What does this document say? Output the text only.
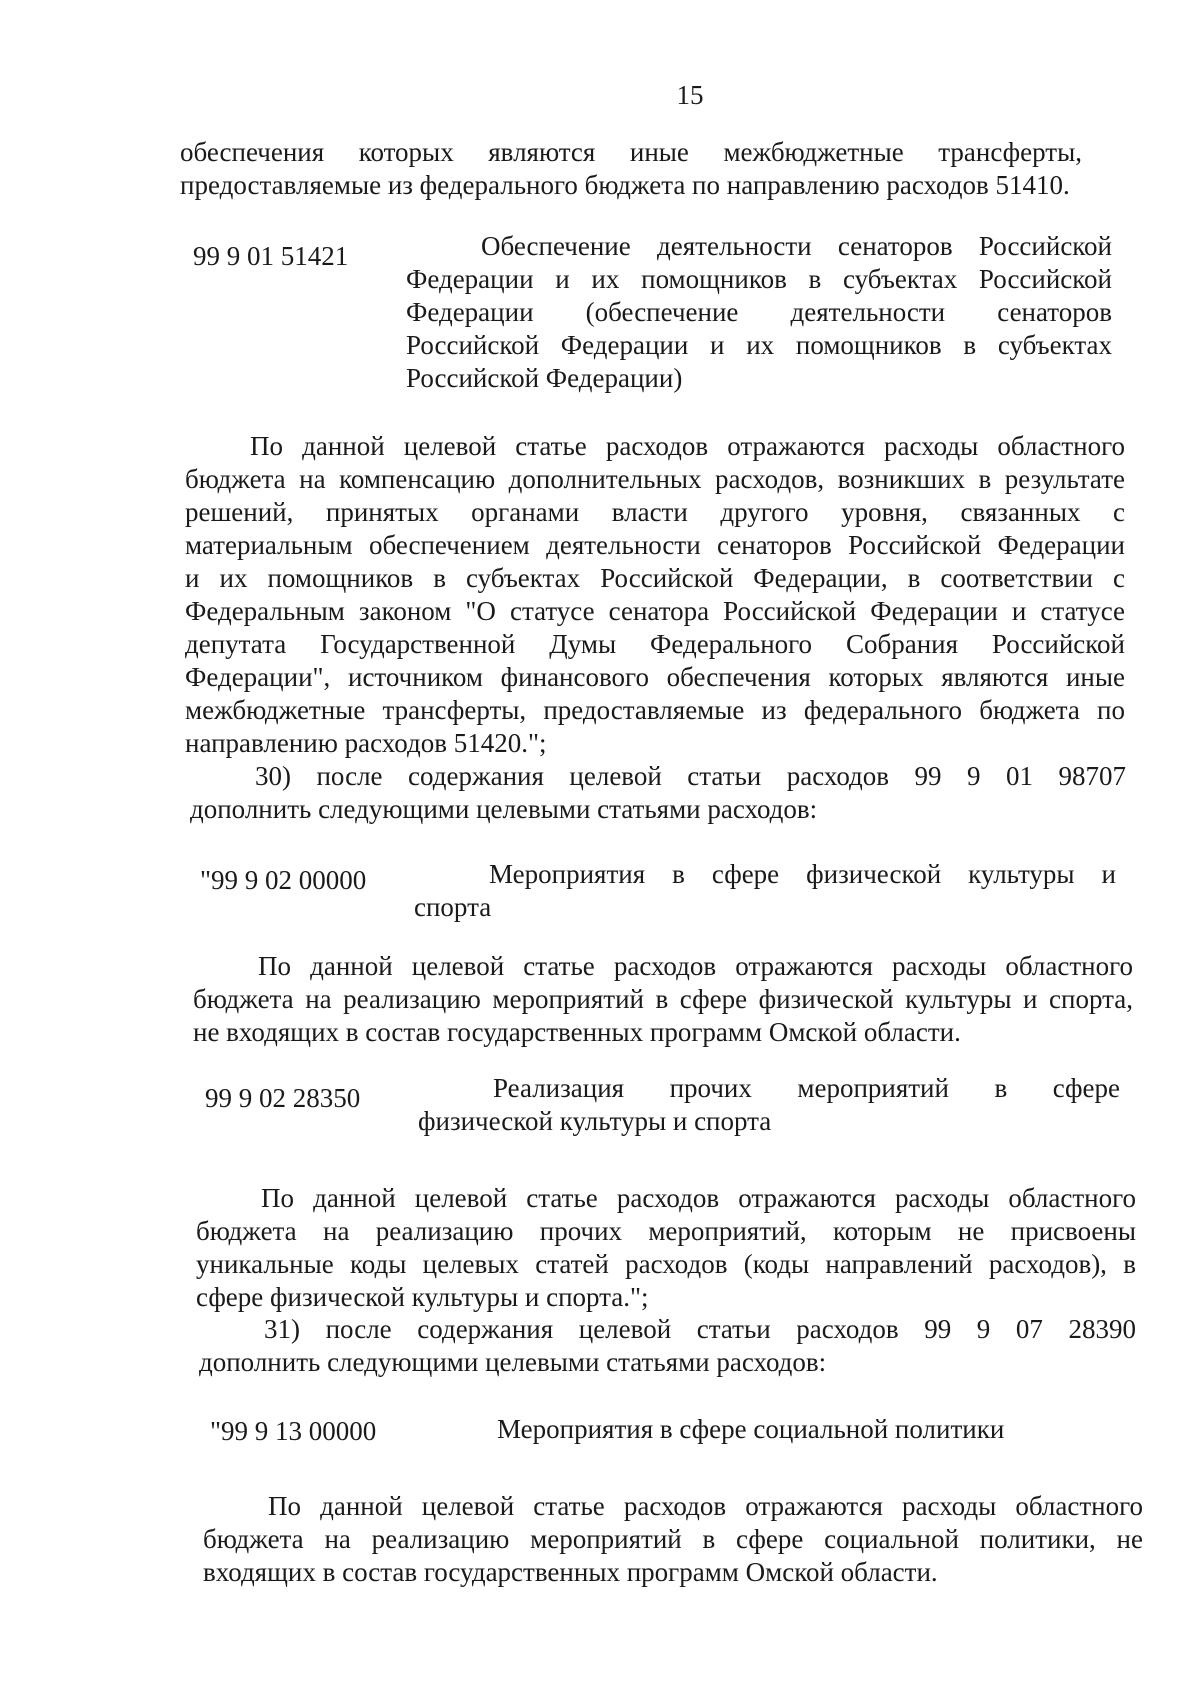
15
обеспечения которых являются иные межбюджетные трансферты,
предоставляемые из федерального бюджета по направлению расходов 51410.
99 9 01 51421	Обеспечение деятельности сенаторов Российской
Федерации и их помощников в субъектах Российской
Федерации (обеспечение деятельности сенаторов
Российской Федерации и их помощников в субъектах
Российской Федерации)
По данной целевой статье расходов отражаются расходы областного
бюджета на компенсацию дополнительных расходов, возникших в результате
решений, принятых органами власти другого уровня, связанных с
материальным обеспечением деятельности сенаторов Российской Федерации
и их помощников в субъектах Российской Федерации, в соответствии с
Федеральным законом "О статусе сенатора Российской Федерации и статусе
депутата Государственной Думы Федерального Собрания Российской
Федерации", источником финансового обеспечения которых являются иные
межбюджетные трансферты, предоставляемые из федерального бюджета по
направлению расходов 51420.";
30) после содержания целевой статьи расходов 99 9 01 98707
дополнить следующими целевыми статьями расходов:
"99 9 02 00000	Мероприятия в сфере физической культуры и
спорта
По данной целевой статье расходов отражаются расходы областного
бюджета на реализацию мероприятий в сфере физической культуры и спорта,
не входящих в состав государственных программ Омской области.
99 9 02 28350	Реализация прочих мероприятий в сфере
физической культуры и спорта
По данной целевой статье расходов отражаются расходы областного
бюджета на реализацию прочих мероприятий, которым не присвоены
уникальные коды целевых статей расходов (коды направлений расходов), в
сфере физической культуры и спорта.";
31) после содержания целевой статьи расходов 99 9 07 28390
дополнить следующими целевыми статьями расходов:
"99 9 13 00000	Мероприятия в сфере социальной политики
По данной целевой статье расходов отражаются расходы областного
бюджета на реализацию мероприятий в сфере социальной политики, не
входящих в состав государственных программ Омской области.
